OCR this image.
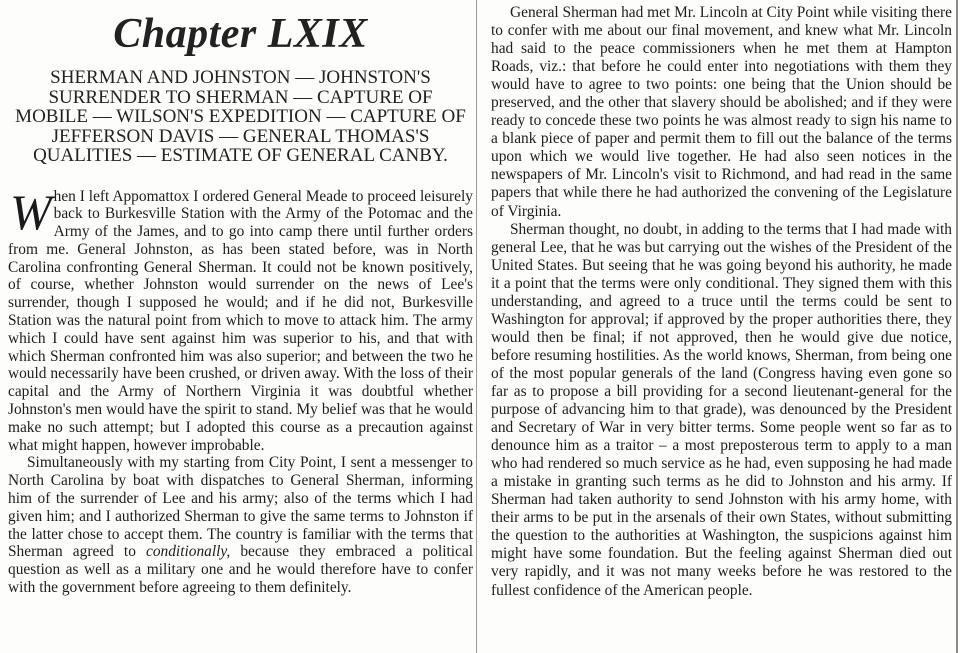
Chapter LXIX
SHERMAN AND JOHNSTON — JOHNSTON'S SURRENDER TO SHERMAN — CAPTURE OF MOBILE — WILSON'S EXPEDITION — CAPTURE OF JEFFERSON DAVIS — GENERAL THOMAS'S QUALITIES — ESTIMATE OF GENERAL CANBY.

When I left Appomattox I ordered General Meade to proceed leisurely back to Burkesville Station with the Army of the Potomac and the Army of the James, and to go into camp there until further orders from me. General Johnston, as has been stated before, was in North Carolina confronting General Sherman. It could not be known positively, of course, whether Johnston would surrender on the news of Lee's surrender, though I supposed he would; and if he did not, Burkesville Station was the natural point from which to move to attack him. The army which I could have sent against him was superior to his, and that with which Sherman confronted him was also superior; and between the two he would necessarily have been crushed, or driven away. With the loss of their capital and the Army of Northern Virginia it was doubtful whether Johnston's men would have the spirit to stand. My belief was that he would make no such attempt; but I adopted this course as a precaution against what might happen, however improbable.

Simultaneously with my starting from City Point, I sent a messenger to North Carolina by boat with dispatches to General Sherman, informing him of the surrender of Lee and his army; also of the terms which I had given him; and I authorized Sherman to give the same terms to Johnston if the latter chose to accept them. The country is familiar with the terms that Sherman agreed to conditionally, because they embraced a political question as well as a military one and he would therefore have to confer with the government before agreeing to them definitely.

General Sherman had met Mr. Lincoln at City Point while visiting there to confer with me about our final movement, and knew what Mr. Lincoln had said to the peace commissioners when he met them at Hampton Roads, viz.: that before he could enter into negotiations with them they would have to agree to two points: one being that the Union should be preserved, and the other that slavery should be abolished; and if they were ready to concede these two points he was almost ready to sign his name to a blank piece of paper and permit them to fill out the balance of the terms upon which we would live together. He had also seen notices in the newspapers of Mr. Lincoln's visit to Richmond, and had read in the same papers that while there he had authorized the convening of the Legislature of Virginia.

Sherman thought, no doubt, in adding to the terms that I had made with general Lee, that he was but carrying out the wishes of the President of the United States. But seeing that he was going beyond his authority, he made it a point that the terms were only conditional. They signed them with this understanding, and agreed to a truce until the terms could be sent to Washington for approval; if approved by the proper authorities there, they would then be final; if not approved, then he would give due notice, before resuming hostilities. As the world knows, Sherman, from being one of the most popular generals of the land (Congress having even gone so far as to propose a bill providing for a second lieutenant-general for the purpose of advancing him to that grade), was denounced by the President and Secretary of War in very bitter terms. Some people went so far as to denounce him as a traitor – a most preposterous term to apply to a man who had rendered so much service as he had, even supposing he had made a mistake in granting such terms as he did to Johnston and his army. If Sherman had taken authority to send Johnston with his army home, with their arms to be put in the arsenals of their own States, without submitting the question to the authorities at Washington, the suspicions against him might have some foundation. But the feeling against Sherman died out very rapidly, and it was not many weeks before he was restored to the fullest confidence of the American people.
